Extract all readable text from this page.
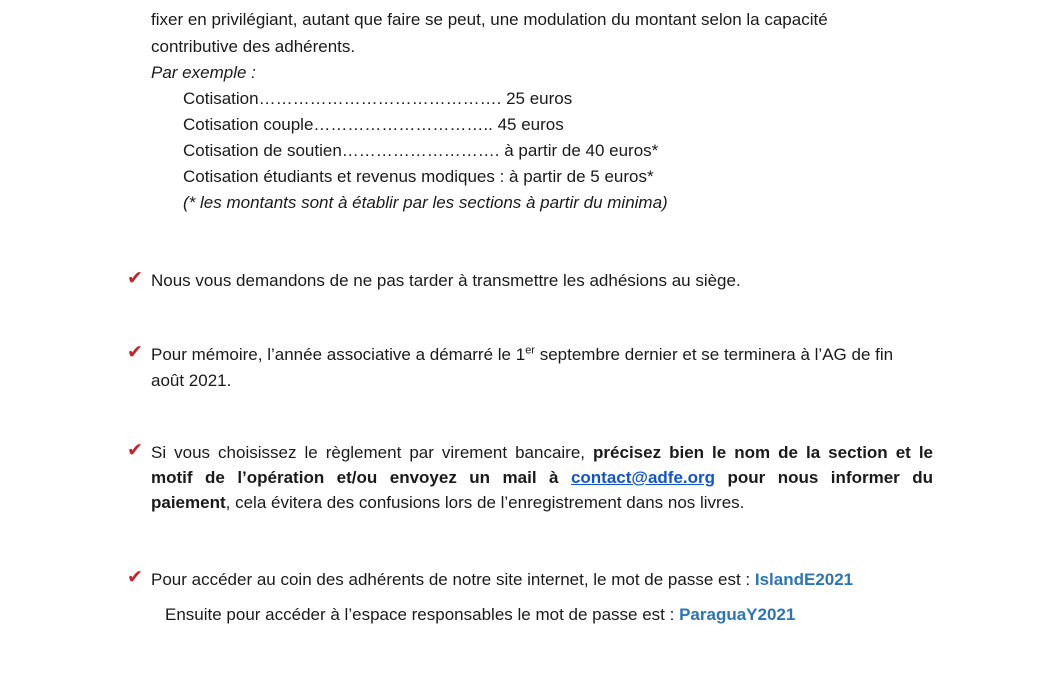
fixer en privilégiant, autant que faire se peut, une modulation du montant selon la capacité
contributive des adhérents.
Par exemple :
Cotisation……………………………………. 25 euros
Cotisation couple………………………….. 45 euros
Cotisation de soutien………………………. à partir de 40 euros*
Cotisation étudiants et revenus modiques : à partir de 5 euros*
(* les montants sont à établir par les sections à partir du minima)
✔ Nous vous demandons de ne pas tarder à transmettre les adhésions au siège.
✔ Pour mémoire, l’année associative a démarré le 1er septembre dernier et se terminera à l’AG de fin
août 2021.
✔ Si vous choisissez le règlement par virement bancaire, précisez bien le nom de la section et le
motif de l’opération et/ou envoyez un mail à contact@adfe.org pour nous informer du
paiement, cela évitera des confusions lors de l’enregistrement dans nos livres.
✔ Pour accéder au coin des adhérents de notre site internet, le mot de passe est : IslandE2021
Ensuite pour accéder à l’espace responsables le mot de passe est : ParaguaY2021
